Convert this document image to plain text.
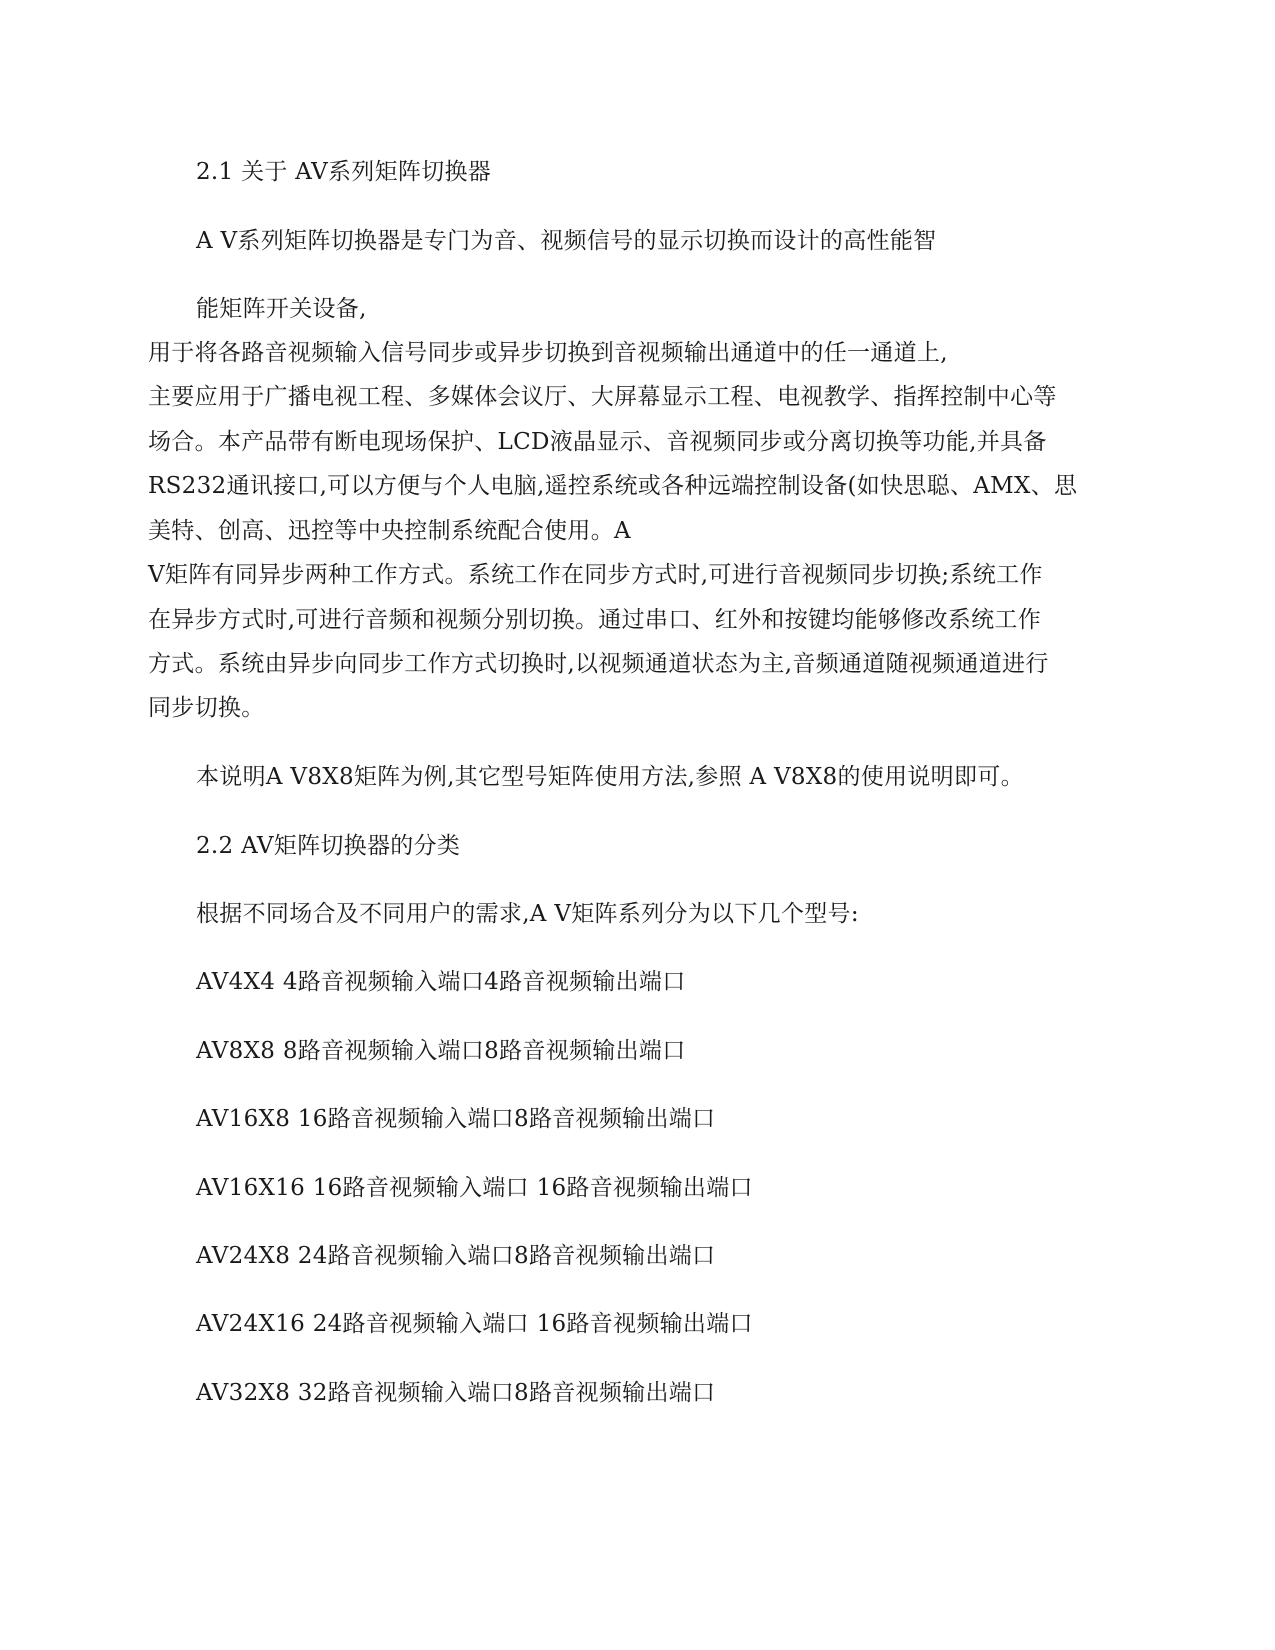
2.1 关于 AV系列矩阵切换器
A V系列矩阵切换器是专门为音、视频信号的显示切换而设计的高性能智
能矩阵开关设备,
用于将各路音视频输入信号同步或异步切换到音视频输出通道中的任一通道上,
主要应用于广播电视工程、多媒体会议厅、大屏幕显示工程、电视教学、指挥控制中心等
场合。本产品带有断电现场保护、LCD液晶显示、音视频同步或分离切换等功能,并具备
RS232通讯接口,可以方便与个人电脑,遥控系统或各种远端控制设备(如快思聪、AMX、思
美特、创高、迅控等中央控制系统配合使用。A
V矩阵有同异步两种工作方式。系统工作在同步方式时,可进行音视频同步切换;系统工作
在异步方式时,可进行音频和视频分别切换。通过串口、红外和按键均能够修改系统工作
方式。系统由异步向同步工作方式切换时,以视频通道状态为主,音频通道随视频通道进行
同步切换。
本说明A V8X8矩阵为例,其它型号矩阵使用方法,参照 A V8X8的使用说明即可。
2.2 AV矩阵切换器的分类
根据不同场合及不同用户的需求,A V矩阵系列分为以下几个型号:
AV4X4 4路音视频输入端口4路音视频输出端口
AV8X8 8路音视频输入端口8路音视频输出端口
AV16X8 16路音视频输入端口8路音视频输出端口
AV16X16 16路音视频输入端口 16路音视频输出端口
AV24X8 24路音视频输入端口8路音视频输出端口
AV24X16 24路音视频输入端口 16路音视频输出端口
AV32X8 32路音视频输入端口8路音视频输出端口
